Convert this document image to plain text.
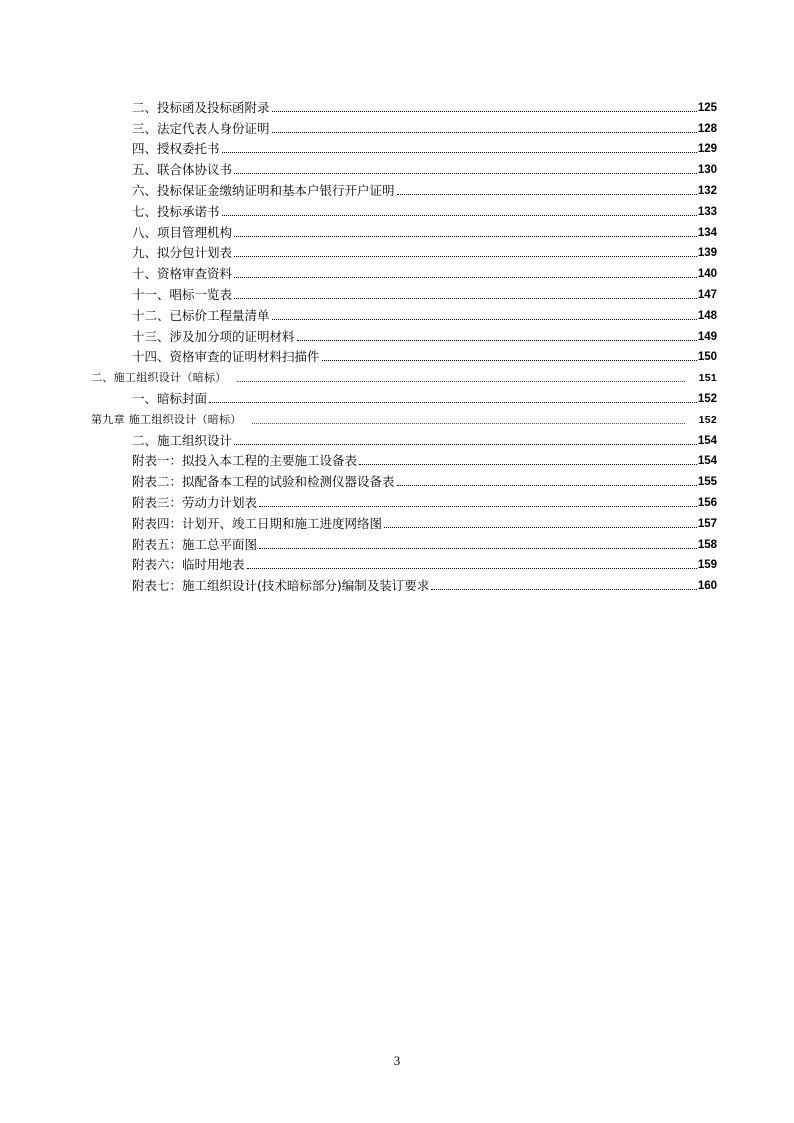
二、投标函及投标函附录	125
三、法定代表人身份证明	128
四、授权委托书	129
五、联合体协议书	130
六、投标保证金缴纳证明和基本户银行开户证明	132
七、投标承诺书	133
八、项目管理机构	134
九、拟分包计划表	139
十、资格审查资料	140
十一、唱标一览表	147
十二、已标价工程量清单	148
十三、涉及加分项的证明材料	149
十四、资格审查的证明材料扫描件	150
二、施工组织设计（暗标）	151
一、暗标封面	152
第九章 施工组织设计（暗标）	152
二、施工组织设计	154
附表一：拟投入本工程的主要施工设备表	154
附表二：拟配备本工程的试验和检测仪器设备表	155
附表三：劳动力计划表	156
附表四：计划开、竣工日期和施工进度网络图	157
附表五：施工总平面图	158
附表六：临时用地表	159
附表七：施工组织设计(技术暗标部分)编制及装订要求	160
3
